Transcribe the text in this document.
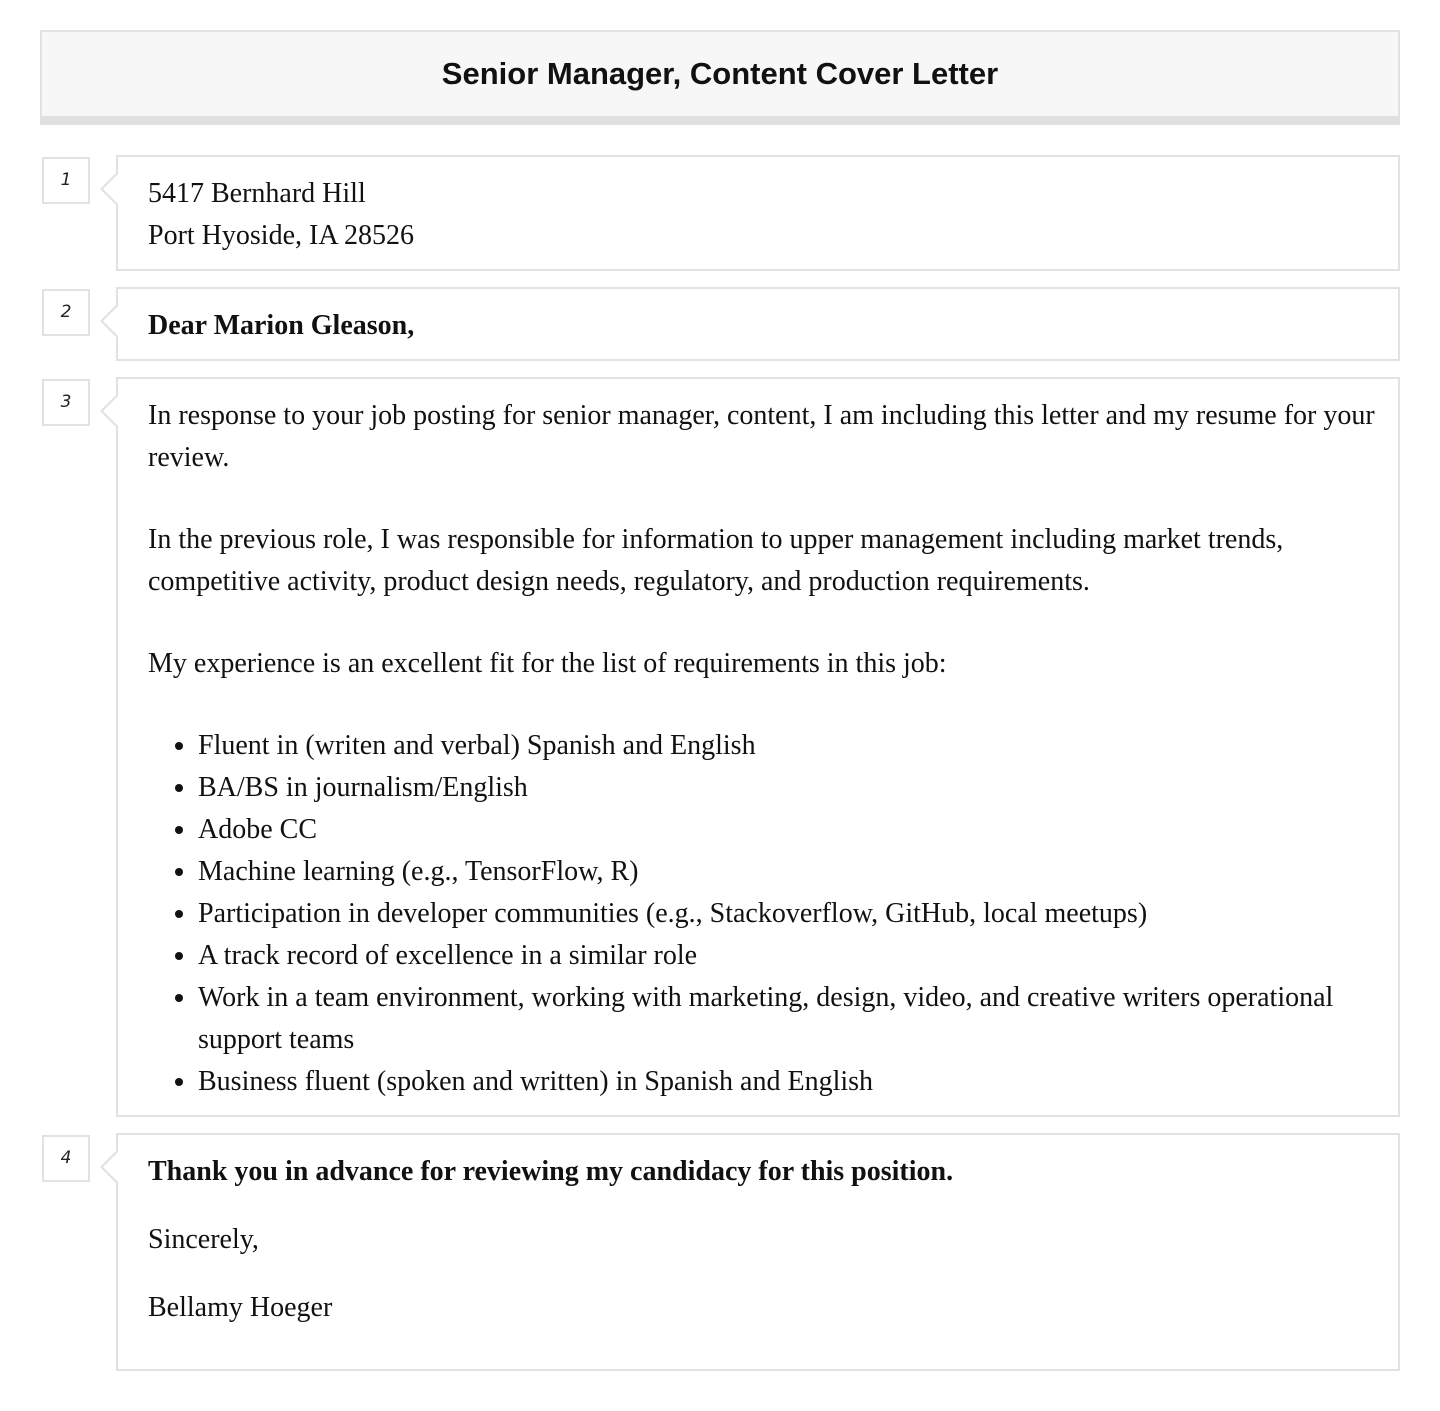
Senior Manager, Content Cover Letter
1	5417 Bernhard Hill
Port Hyoside, IA 28526
2	Dear Marion Gleason,
3	In response to your job posting for senior manager, content, I am including this letter and my resume for your review.

In the previous role, I was responsible for information to upper management including market trends, competitive activity, product design needs, regulatory, and production requirements.

My experience is an excellent fit for the list of requirements in this job:

• Fluent in (writen and verbal) Spanish and English
• BA/BS in journalism/English
• Adobe CC
• Machine learning (e.g., TensorFlow, R)
• Participation in developer communities (e.g., Stackoverflow, GitHub, local meetups)
• A track record of excellence in a similar role
• Work in a team environment, working with marketing, design, video, and creative writers operational support teams
• Business fluent (spoken and written) in Spanish and English
4	Thank you in advance for reviewing my candidacy for this position.

Sincerely,

Bellamy Hoeger
